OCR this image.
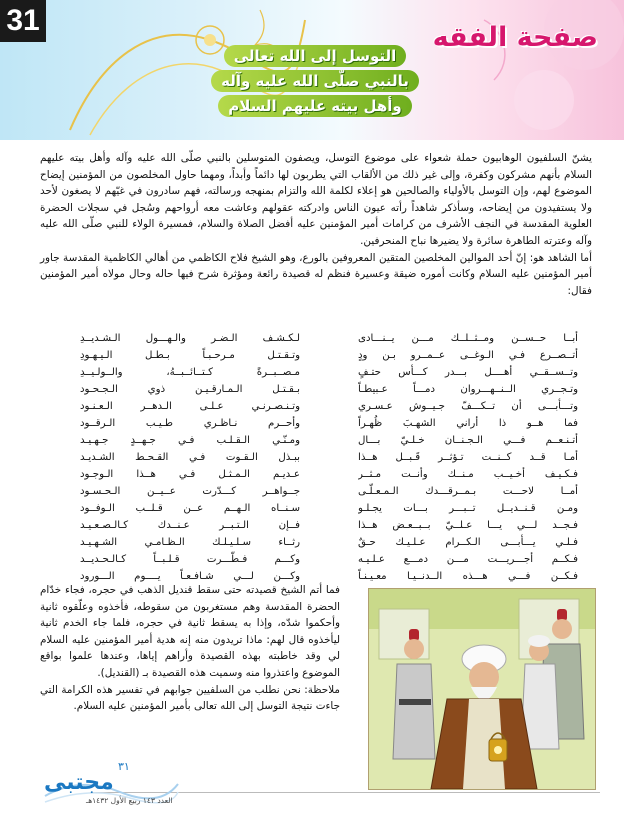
31
صفحة الفقه
التوسل إلى الله تعالى
بالنبي صلّى الله عليه وآله
وأهل بيته عليهم السلام

يشنّ السلفيون الوهابيون حملة شعواء على موضوع التوسل، ويصفون المتوسلين بالنبي صلّى الله عليه وآله وأهل بيته عليهم السلام بأنهم مشركون وكفرة، وإلى غير ذلك من الألقاب التي يطربون لها دائماً وأبداً، ومهما حاول المخلصون من المؤمنين إيضاح الموضوع لهم، وإن التوسل بالأولياء والصالحين هو إعلاء لكلمة الله والتزام بمنهجه ورسالته، فهم سادرون في غيّهم لا يصغون لأحد ولا يستفيدون من إيضاحه، وسأذكر شاهداً رأته عيون الناس وادركته عقولهم وعاشت معه أرواحهم وسُجل في سجلات الحضرة العلوية المقدسة في النجف الأشرف من كرامات أمير المؤمنين عليه أفضل الصلاة والسلام، فمسيرة الولاء للنبي صلّى الله عليه وآله وعترته الطاهرة سائرة ولا يضيرها نباح المنحرفين.

أما الشاهد هو: إنّ أحد الموالين المخلصين المتقين المعروفين بالورع، وهو الشيخ فلاح الكاظمي من أهالي الكاظمية المقدسة جاور أمير المؤمنين عليه السلام وكانت أموره ضيقة وعسيرة فنظم له قصيدة رائعة ومؤثرة شرح فيها حاله وحال مولاه أمير المؤمنين فقال:

أبــا حــســن ومــثــلــك مـــن يــنـــادى
أتــصــرع فـي الـوغــى عــمــرو بـن ودٍ
وتــســقــي أهــــل بـــدر كـــأس حتـفٍ
وتـجــري الــنــهـــروان دمـــاً عـبيطـاً
وتـــأبـــى أن تــكـــفّ جـيــوش عـسـري
فما هــو ذا أراني الشهـبَ ظُهـراً
أتـنـعــم فـــي الـجـنــان خـلـيّ بـــال
أمـا قــد كــنــت تـؤثــر قَـبــل هــذا
فـكـيـف أخـيــب مـنــك وأنــت مـثــر
أمــا لاحـــت بـمــرقـــدك الـمـعـلّـى
ومـن قـنــديــل تــبـــر بـــات يجـلـو
فـجــد لـــي يـــا عـلــيّ بــبــعـض هــذا
فـلـي يـــأبـــى الـكــرام عـلـيـك حـقٌ
فـكــم أجـــريـــت مـــن دمـــع عـلـيـه
فـكــن فـــي هـــذه الــدنــيـا معـيـنـاً
لـكـشـف الـضـر والـهـــول الـشـديــدِ
وتـقـتـل مـرحـبـاً بـطـل الـيـهـودِ
مـصــبــرةً كـتــائــبــهُ، والــولـيــدِ
بـقـتـل الـمـارقـيـن ذوي الـجـحـود
وتـنـصـرنـي عـلـى الـدهــر الـعـنـود
وأحــرم نـاظـري طـيـب الـرقــود
ومـنّـي الـقـلـب فـي جـهــدٍ جـهـيـد
ببـذل الـقـوت فـي القـحـط الشـديـد
عـديـم الـمـثـل فـي هــذا الـوجـود
جــواهــر كـــدّرت عــيــن الـحـسـود
سـنــاه الـهــم عــن قـلــب الـوفــود
فــإن الـتـبــر عـنــدك كـالـصـعـيـد
رثــاء سـلـيـلـك الـظـامـي الشـهـيـد
وكـــم فـطّـــرت قـلـبــاً كـالـحـديــد
وكـــن لـــي شـافـعـاً يــــوم الـــورود

فما أتم الشيخ قصيدته حتى سقط قنديل الذهب في حجره، فجاء خدّام الحضرة المقدسة وهم مستغربون من سقوطه، فأخذوه وعلّقوه ثانية وأحكموا شدّه، وإذا به يسقط ثانية في حجره، فلما جاء الخدم ثانية ليأخذوه قال لهم: ماذا تريدون منه إنه هدية أمير المؤمنين عليه السلام لي وقد خاطبته بهذه القصيدة وأراهم إياها، وعندها علموا بواقع الموضوع واعتذروا منه وسميت هذه القصيدة بـ (القنديل).

ملاحظة: نحن نطلب من السلفيين جوابهم في تفسير هذه الكرامة التي جاءت نتيجة التوسل إلى الله تعالى بأمير المؤمنين عليه السلام.

مجتبى
٣١
العدد ١٤٣ ربيع الأول ١٤٣٢هـ
